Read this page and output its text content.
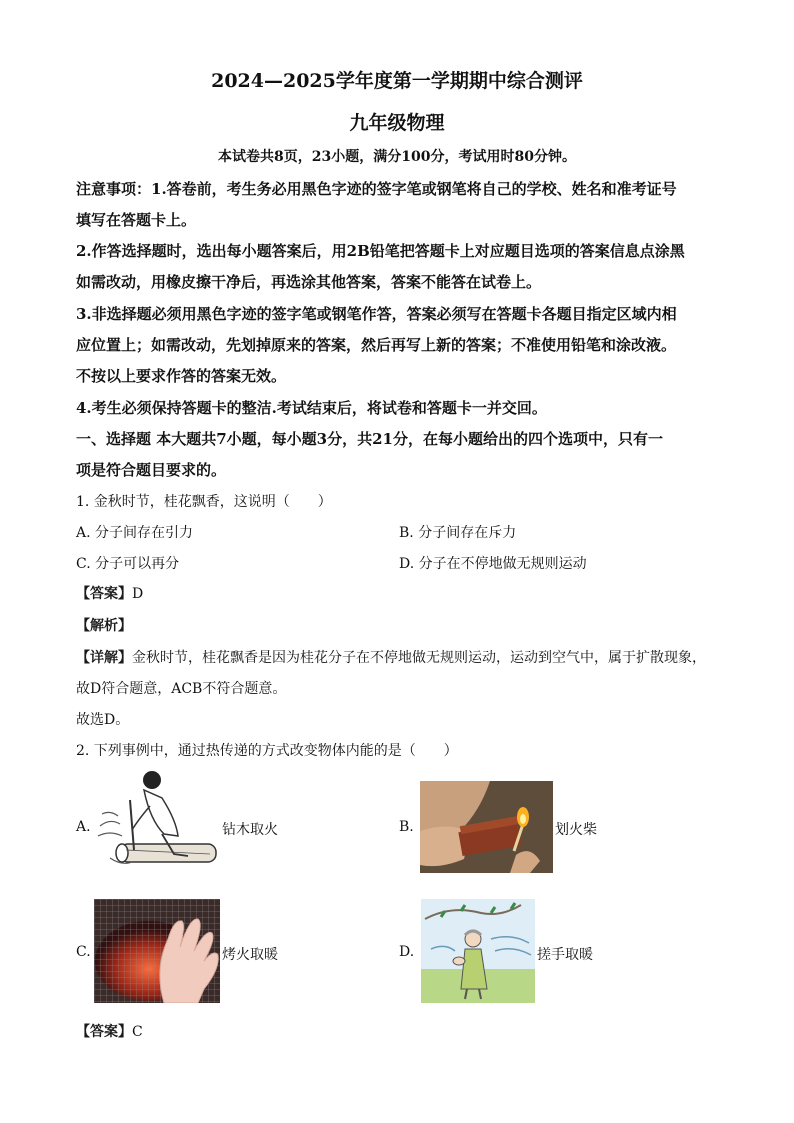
2024—2025学年度第一学期期中综合测评
九年级物理
本试卷共8页，23小题，满分100分，考试用时80分钟。
注意事项：1.答卷前，考生务必用黑色字迹的签字笔或钢笔将自己的学校、姓名和准考证号
填写在答题卡上。
2.作答选择题时，选出每小题答案后，用2B铅笔把答题卡上对应题目选项的答案信息点涂黑
如需改动，用橡皮擦干净后，再选涂其他答案，答案不能答在试卷上。
3.非选择题必须用黑色字迹的签字笔或钢笔作答，答案必须写在答题卡各题目指定区域内相
应位置上；如需改动，先划掉原来的答案，然后再写上新的答案；不准使用铅笔和涂改液。
不按以上要求作答的答案无效。
4.考生必须保持答题卡的整洁.考试结束后，将试卷和答题卡一并交回。
一、选择题 本大题共7小题，每小题3分，共21分，在每小题给出的四个选项中，只有一
项是符合题目要求的。
1. 金秋时节，桂花飘香，这说明（　　）
A. 分子间存在引力	B. 分子间存在斥力
C. 分子可以再分	D. 分子在不停地做无规则运动
【答案】D
【解析】
【详解】金秋时节，桂花飘香是因为桂花分子在不停地做无规则运动，运动到空气中，属于扩散现象，
故D符合题意，ACB不符合题意。
故选D。
2. 下列事例中，通过热传递的方式改变物体内能的是（　　）
A.	钻木取火	B.	划火柴
C.	烤火取暖	D.	搓手取暖
【答案】C
